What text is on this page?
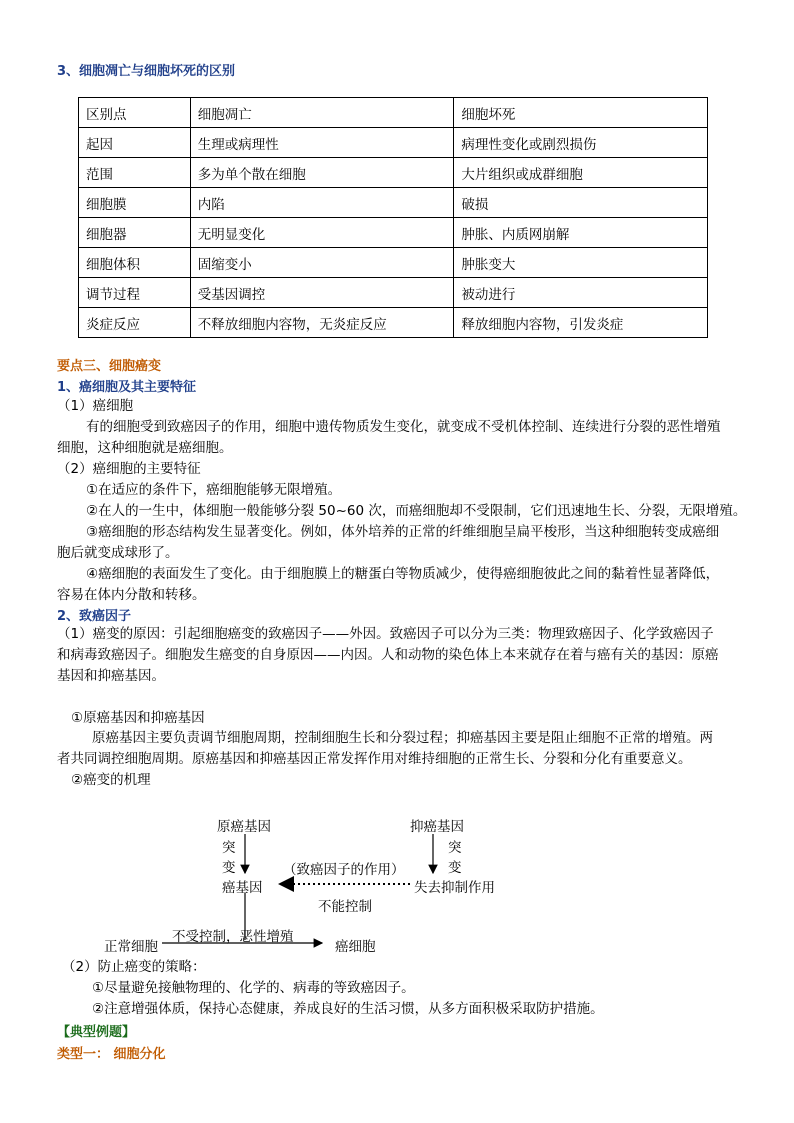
3、细胞凋亡与细胞坏死的区别
区别点	细胞凋亡	细胞坏死
起因	生理或病理性	病理性变化或剧烈损伤
范围	多为单个散在细胞	大片组织或成群细胞
细胞膜	内陷	破损
细胞器	无明显变化	肿胀、内质网崩解
细胞体积	固缩变小	肿胀变大
调节过程	受基因调控	被动进行
炎症反应	不释放细胞内容物，无炎症反应	释放细胞内容物，引发炎症
要点三、细胞癌变
1、癌细胞及其主要特征
（1）癌细胞
有的细胞受到致癌因子的作用，细胞中遗传物质发生变化，就变成不受机体控制、连续进行分裂的恶性增殖
细胞，这种细胞就是癌细胞。
（2）癌细胞的主要特征
①在适应的条件下，癌细胞能够无限增殖。
②在人的一生中，体细胞一般能够分裂 50~60 次，而癌细胞却不受限制，它们迅速地生长、分裂，无限增殖。
③癌细胞的形态结构发生显著变化。例如，体外培养的正常的纤维细胞呈扁平梭形，当这种细胞转变成癌细
胞后就变成球形了。
④癌细胞的表面发生了变化。由于细胞膜上的糖蛋白等物质减少，使得癌细胞彼此之间的黏着性显著降低，
容易在体内分散和转移。
2、致癌因子
（1）癌变的原因：引起细胞癌变的致癌因子——外因。致癌因子可以分为三类：物理致癌因子、化学致癌因子
和病毒致癌因子。细胞发生癌变的自身原因——内因。人和动物的染色体上本来就存在着与癌有关的基因：原癌
基因和抑癌基因。
①原癌基因和抑癌基因
原癌基因主要负责调节细胞周期，控制细胞生长和分裂过程；抑癌基因主要是阻止细胞不正常的增殖。两
者共同调控细胞周期。原癌基因和抑癌基因正常发挥作用对维持细胞的正常生长、分裂和分化有重要意义。
②癌变的机理
原癌基因
突
变
抑癌基因
突
变
（致癌因子的作用）
癌基因	失去抑制作用
不能控制
不受控制，恶性增殖
正常细胞	癌细胞
（2）防止癌变的策略：
①尽量避免接触物理的、化学的、病毒的等致癌因子。
②注意增强体质，保持心态健康，养成良好的生活习惯，从多方面积极采取防护措施。
【典型例题】
类型一： 细胞分化
